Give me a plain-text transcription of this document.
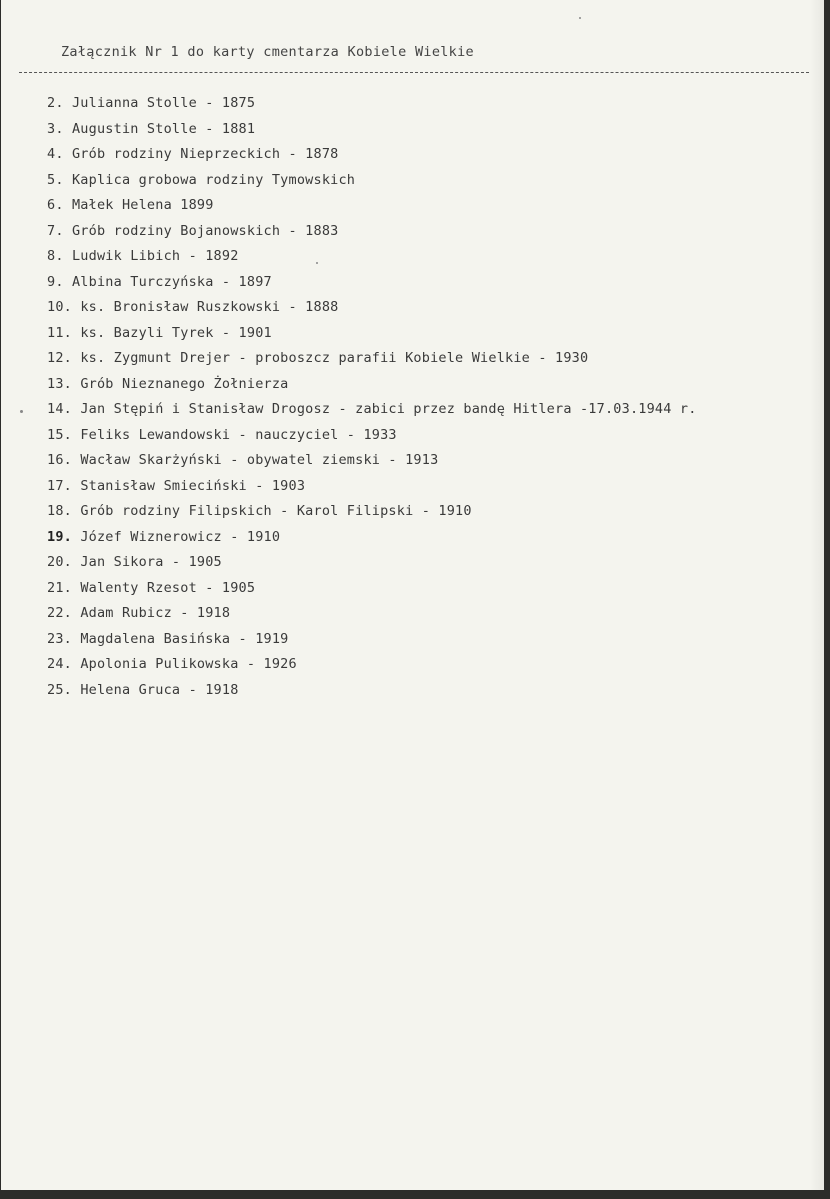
Załącznik Nr 1 do karty cmentarza Kobiele Wielkie
2. Julianna Stolle - 1875
3. Augustin Stolle - 1881
4. Grób rodziny Nieprzeckich - 1878
5. Kaplica grobowa rodziny Tymowskich
6. Małek Helena 1899
7. Grób rodziny Bojanowskich - 1883
8. Ludwik Libich - 1892
9. Albina Turczyńska - 1897
10. ks. Bronisław Ruszkowski - 1888
11. ks. Bazyli Tyrek - 1901
12. ks. Zygmunt Drejer - proboszcz parafii Kobiele Wielkie - 1930
13. Grób Nieznanego Żołnierza
14. Jan Stępiń i Stanisław Drogosz - zabici przez bandę Hitlera -17.03.1944 r.
15. Feliks Lewandowski - nauczyciel - 1933
16. Wacław Skarżyński - obywatel ziemski - 1913
17. Stanisław Smieciński - 1903
18. Grób rodziny Filipskich - Karol Filipski - 1910
19. Józef Wiznerowicz - 1910
20. Jan Sikora - 1905
21. Walenty Rzesot - 1905
22. Adam Rubicz - 1918
23. Magdalena Basińska - 1919
24. Apolonia Pulikowska - 1926
25. Helena Gruca - 1918
